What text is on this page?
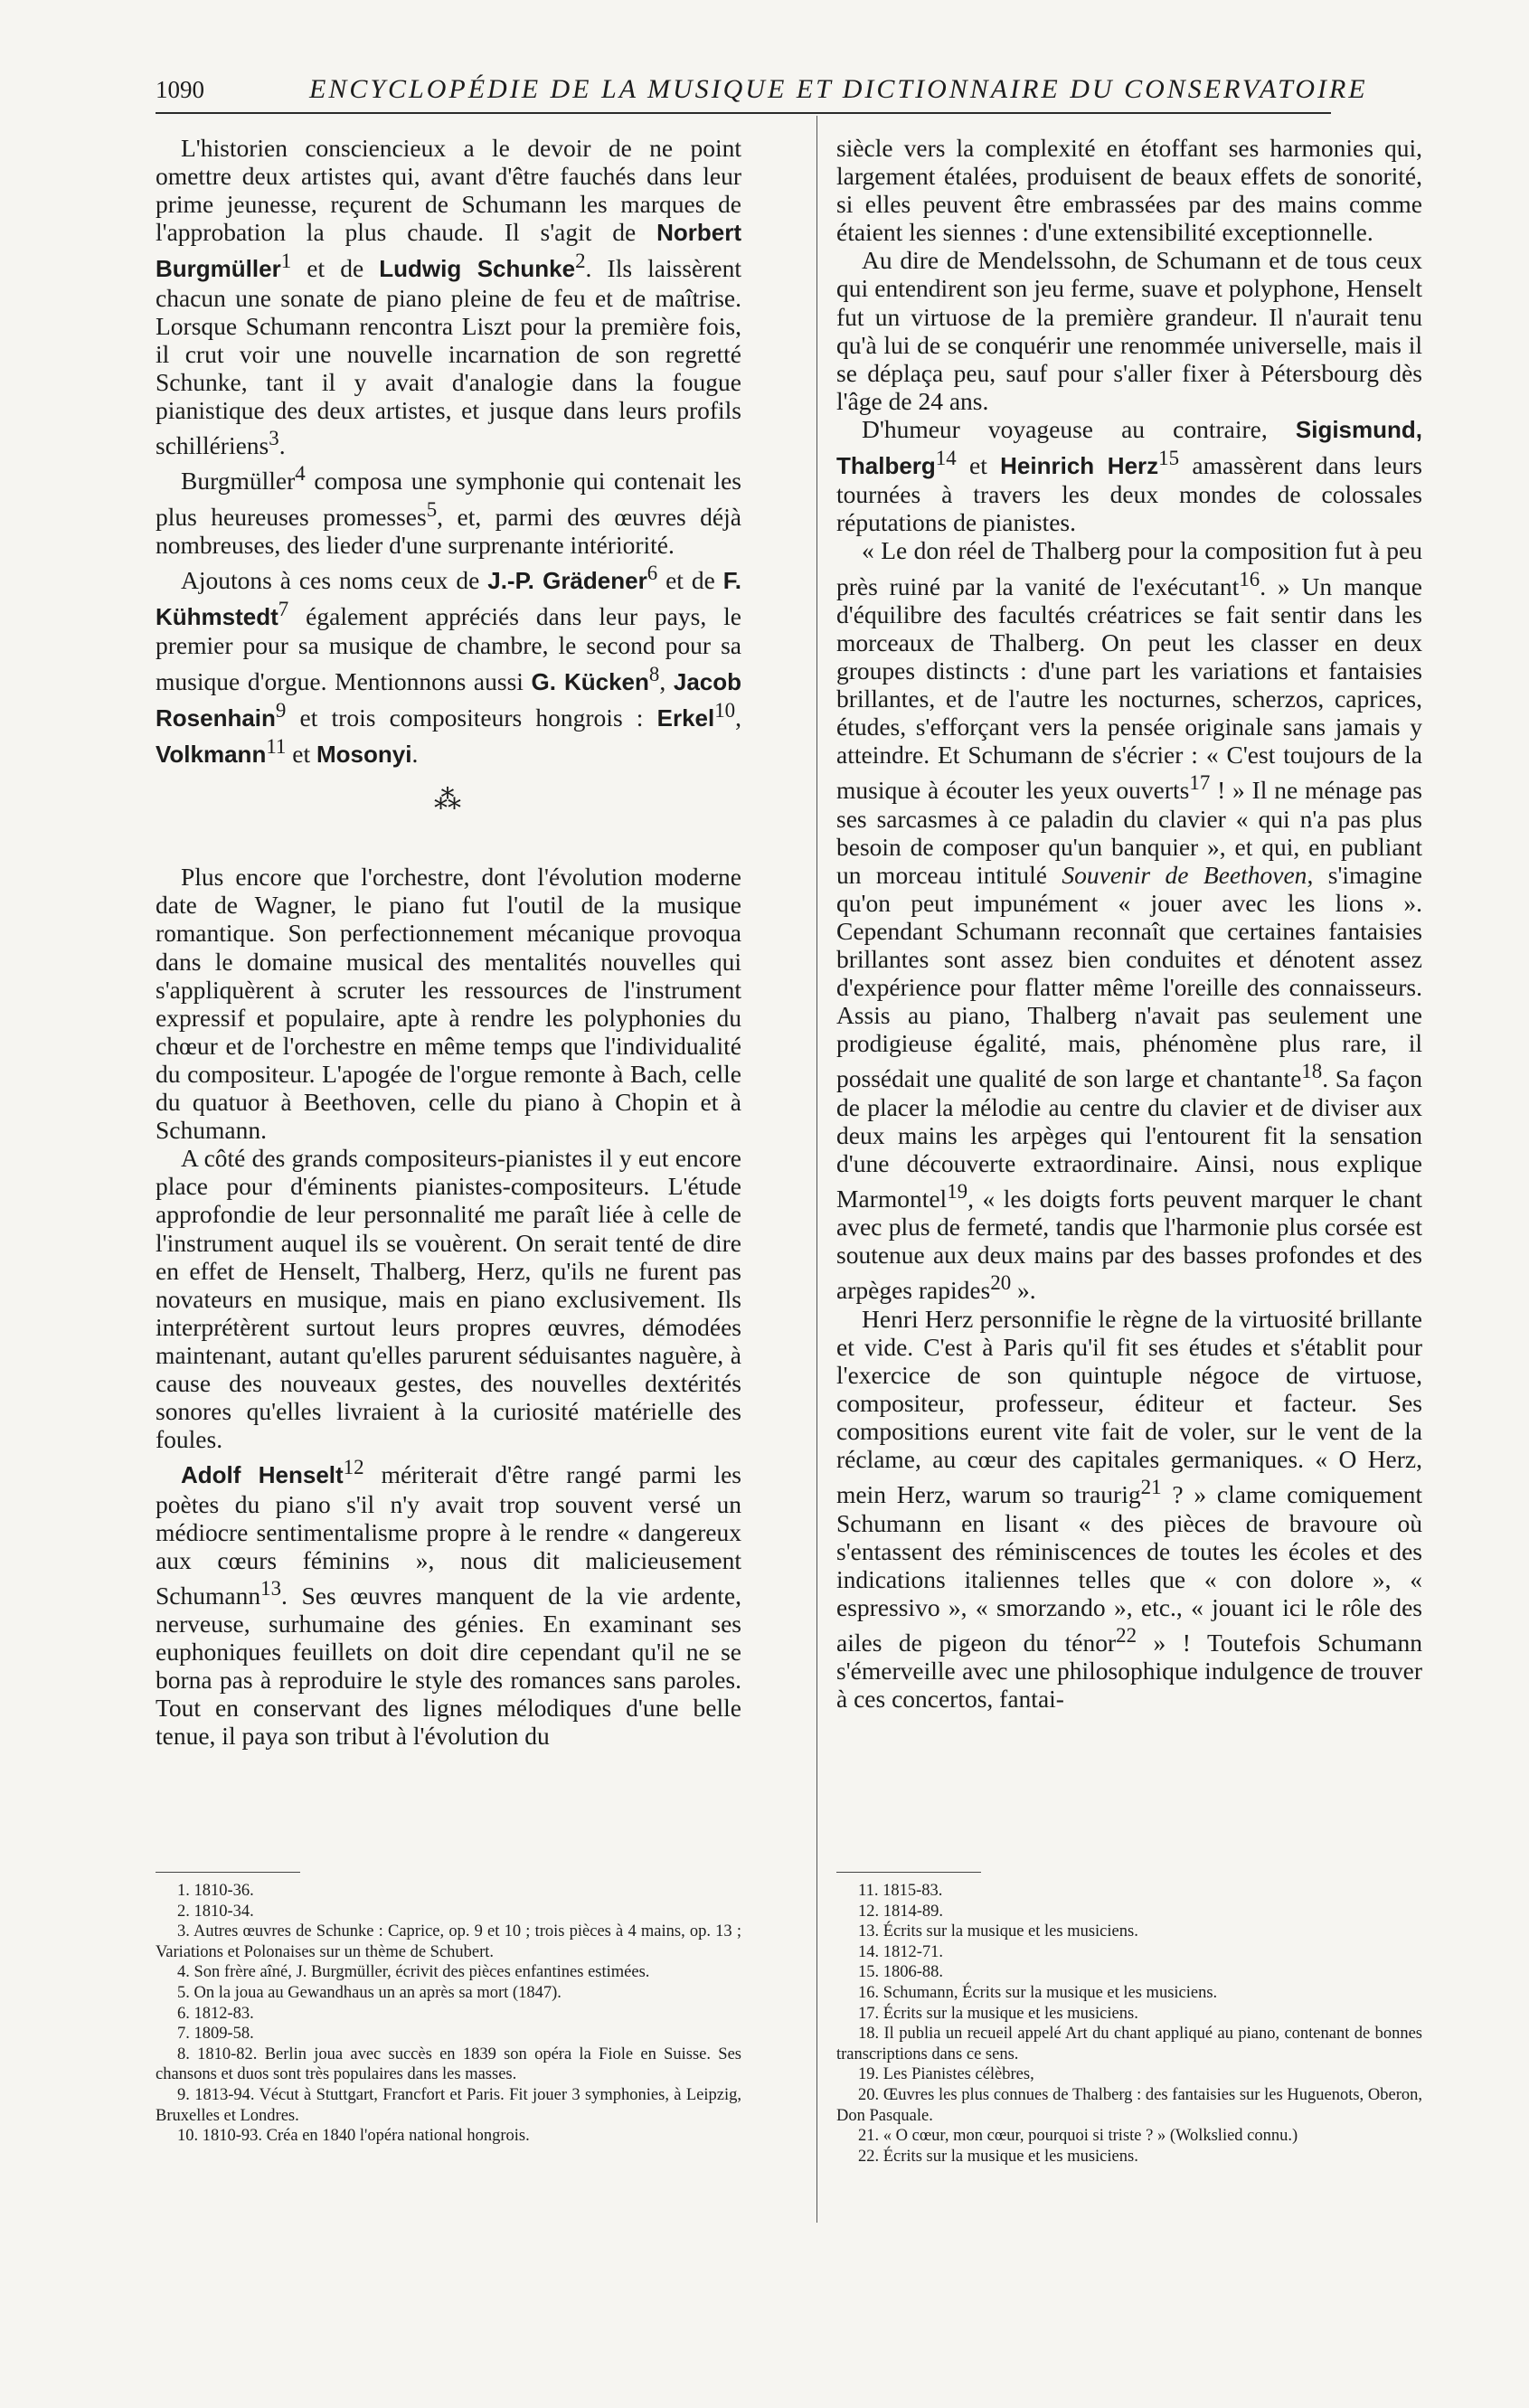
1090	ENCYCLOPÉDIE DE LA MUSIQUE ET DICTIONNAIRE DU CONSERVATOIRE

L'historien consciencieux a le devoir de ne point omettre deux artistes qui, avant d'être fauchés dans leur prime jeunesse, reçurent de Schumann les marques de l'approbation la plus chaude. Il s'agit de Norbert Burgmüller$^1$ et de Ludwig Schunke$^2$. Ils laissèrent chacun une sonate de piano pleine de feu et de maîtrise. Lorsque Schumann rencontra Liszt pour la première fois, il crut voir une nouvelle incarnation de son regretté Schunke, tant il y avait d'analogie dans la fougue pianistique des deux artistes, et jusque dans leurs profils schillériens$^3$.

Burgmüller$^4$ composa une symphonie qui contenait les plus heureuses promesses$^5$, et, parmi des œuvres déjà nombreuses, des lieder d'une surprenante intériorité.

Ajoutons à ces noms ceux de J.-P. Grädener$^6$ et de F. Kühmstedt$^7$ également appréciés dans leur pays, le premier pour sa musique de chambre, le second pour sa musique d'orgue. Mentionnons aussi G. Kücken$^8$, Jacob Rosenhain$^9$ et trois compositeurs hongrois : Erkel$^{10}$, Volkmann$^{11}$ et Mosonyi.

⁂

Plus encore que l'orchestre, dont l'évolution moderne date de Wagner, le piano fut l'outil de la musique romantique. Son perfectionnement mécanique provoqua dans le domaine musical des mentalités nouvelles qui s'appliquèrent à scruter les ressources de l'instrument expressif et populaire, apte à rendre les polyphonies du chœur et de l'orchestre en même temps que l'individualité du compositeur. L'apogée de l'orgue remonte à Bach, celle du quatuor à Beethoven, celle du piano à Chopin et à Schumann.

A côté des grands compositeurs-pianistes il y eut encore place pour d'éminents pianistes-compositeurs. L'étude approfondie de leur personnalité me paraît liée à celle de l'instrument auquel ils se vouèrent. On serait tenté de dire en effet de Henselt, Thalberg, Herz, qu'ils ne furent pas novateurs en musique, mais en piano exclusivement. Ils interprétèrent surtout leurs propres œuvres, démodées maintenant, autant qu'elles parurent séduisantes naguère, à cause des nouveaux gestes, des nouvelles dextérités sonores qu'elles livraient à la curiosité matérielle des foules.

Adolf Henselt$^{12}$ mériterait d'être rangé parmi les poètes du piano s'il n'y avait trop souvent versé un médiocre sentimentalisme propre à le rendre « dangereux aux cœurs féminins », nous dit malicieusement Schumann$^{13}$. Ses œuvres manquent de la vie ardente, nerveuse, surhumaine des génies. En examinant ses euphoniques feuillets on doit dire cependant qu'il ne se borna pas à reproduire le style des romances sans paroles. Tout en conservant des lignes mélodiques d'une belle tenue, il paya son tribut à l'évolution du

siècle vers la complexité en étoffant ses harmonies qui, largement étalées, produisent de beaux effets de sonorité, si elles peuvent être embrassées par des mains comme étaient les siennes : d'une extensibilité exceptionnelle.

Au dire de Mendelssohn, de Schumann et de tous ceux qui entendirent son jeu ferme, suave et polyphone, Henselt fut un virtuose de la première grandeur. Il n'aurait tenu qu'à lui de se conquérir une renommée universelle, mais il se déplaça peu, sauf pour s'aller fixer à Pétersbourg dès l'âge de 24 ans.

D'humeur voyageuse au contraire, Sigismund, Thalberg$^{14}$ et Heinrich Herz$^{15}$ amassèrent dans leurs tournées à travers les deux mondes de colossales réputations de pianistes.

« Le don réel de Thalberg pour la composition fut à peu près ruiné par la vanité de l'exécutant$^{16}$. » Un manque d'équilibre des facultés créatrices se fait sentir dans les morceaux de Thalberg. On peut les classer en deux groupes distincts : d'une part les variations et fantaisies brillantes, et de l'autre les nocturnes, scherzos, caprices, études, s'efforçant vers la pensée originale sans jamais y atteindre. Et Schumann de s'écrier : « C'est toujours de la musique à écouter les yeux ouverts$^{17}$ ! » Il ne ménage pas ses sarcasmes à ce paladin du clavier « qui n'a pas plus besoin de composer qu'un banquier », et qui, en publiant un morceau intitulé Souvenir de Beethoven, s'imagine qu'on peut impunément « jouer avec les lions ». Cependant Schumann reconnaît que certaines fantaisies brillantes sont assez bien conduites et dénotent assez d'expérience pour flatter même l'oreille des connaisseurs. Assis au piano, Thalberg n'avait pas seulement une prodigieuse égalité, mais, phénomène plus rare, il possédait une qualité de son large et chantante$^{18}$. Sa façon de placer la mélodie au centre du clavier et de diviser aux deux mains les arpèges qui l'entourent fit la sensation d'une découverte extraordinaire. Ainsi, nous explique Marmontel$^{19}$, « les doigts forts peuvent marquer le chant avec plus de fermeté, tandis que l'harmonie plus corsée est soutenue aux deux mains par des basses profondes et des arpèges rapides$^{20}$ ».

Henri Herz personnifie le règne de la virtuosité brillante et vide. C'est à Paris qu'il fit ses études et s'établit pour l'exercice de son quintuple négoce de virtuose, compositeur, professeur, éditeur et facteur. Ses compositions eurent vite fait de voler, sur le vent de la réclame, au cœur des capitales germaniques. « O Herz, mein Herz, warum so traurig$^{21}$ ? » clame comiquement Schumann en lisant « des pièces de bravoure où s'entassent des réminiscences de toutes les écoles et des indications italiennes telles que « con dolore », « espressivo », « smorzando », etc., « jouant ici le rôle des ailes de pigeon du ténor$^{22}$ » ! Toutefois Schumann s'émerveille avec une philosophique indulgence de trouver à ces concertos, fantai-

1. 1810-36.
2. 1810-34.
3. Autres œuvres de Schunke : Caprice, op. 9 et 10 ; trois pièces à 4 mains, op. 13 ; Variations et Polonaises sur un thème de Schubert.
4. Son frère aîné, J. Burgmüller, écrivit des pièces enfantines estimées.
5. On la joua au Gewandhaus un an après sa mort (1847).
6. 1812-83.
7. 1809-58.
8. 1810-82. Berlin joua avec succès en 1839 son opéra la Fiole en Suisse. Ses chansons et duos sont très populaires dans les masses.
9. 1813-94. Vécut à Stuttgart, Francfort et Paris. Fit jouer 3 symphonies, à Leipzig, Bruxelles et Londres.
10. 1810-93. Créa en 1840 l'opéra national hongrois.
11. 1815-83.
12. 1814-89.
13. Écrits sur la musique et les musiciens.
14. 1812-71.
15. 1806-88.
16. Schumann, Écrits sur la musique et les musiciens.
17. Écrits sur la musique et les musiciens.
18. Il publia un recueil appelé Art du chant appliqué au piano, contenant de bonnes transcriptions dans ce sens.
19. Les Pianistes célèbres,
20. Œuvres les plus connues de Thalberg : des fantaisies sur les Huguenots, Oberon, Don Pasquale.
21. « O cœur, mon cœur, pourquoi si triste ? » (Wolkslied connu.)
22. Écrits sur la musique et les musiciens.
